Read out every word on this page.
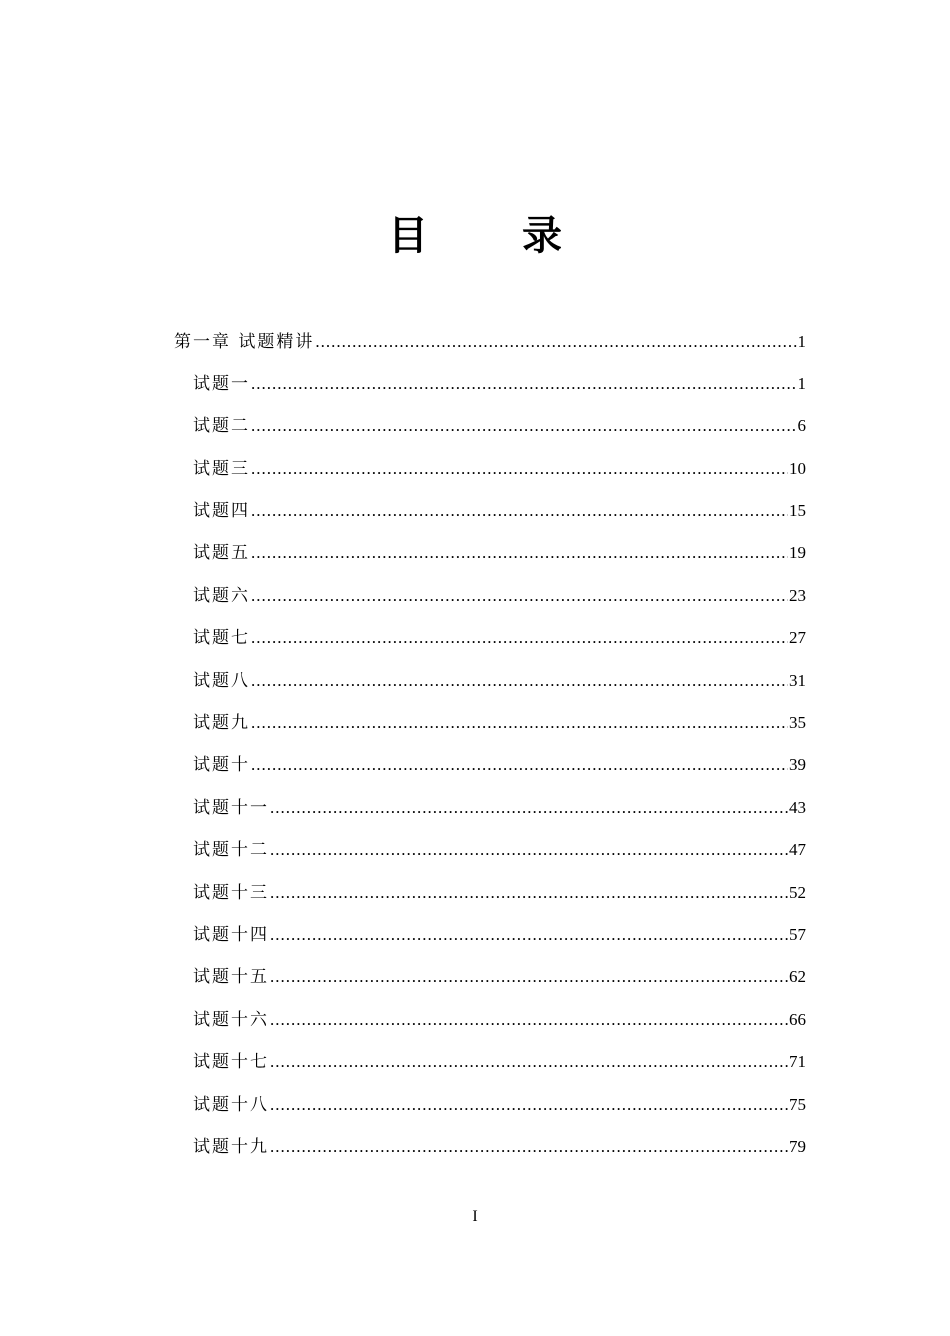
目 录
第一章 试题精讲 .....	1
试题一 .....	1
试题二 .....	6
试题三 .....	10
试题四 .....	15
试题五 .....	19
试题六 .....	23
试题七 .....	27
试题八 .....	31
试题九 .....	35
试题十 .....	39
试题十一 .....	43
试题十二 .....	47
试题十三 .....	52
试题十四 .....	57
试题十五 .....	62
试题十六 .....	66
试题十七 .....	71
试题十八 .....	75
试题十九 .....	79
I
